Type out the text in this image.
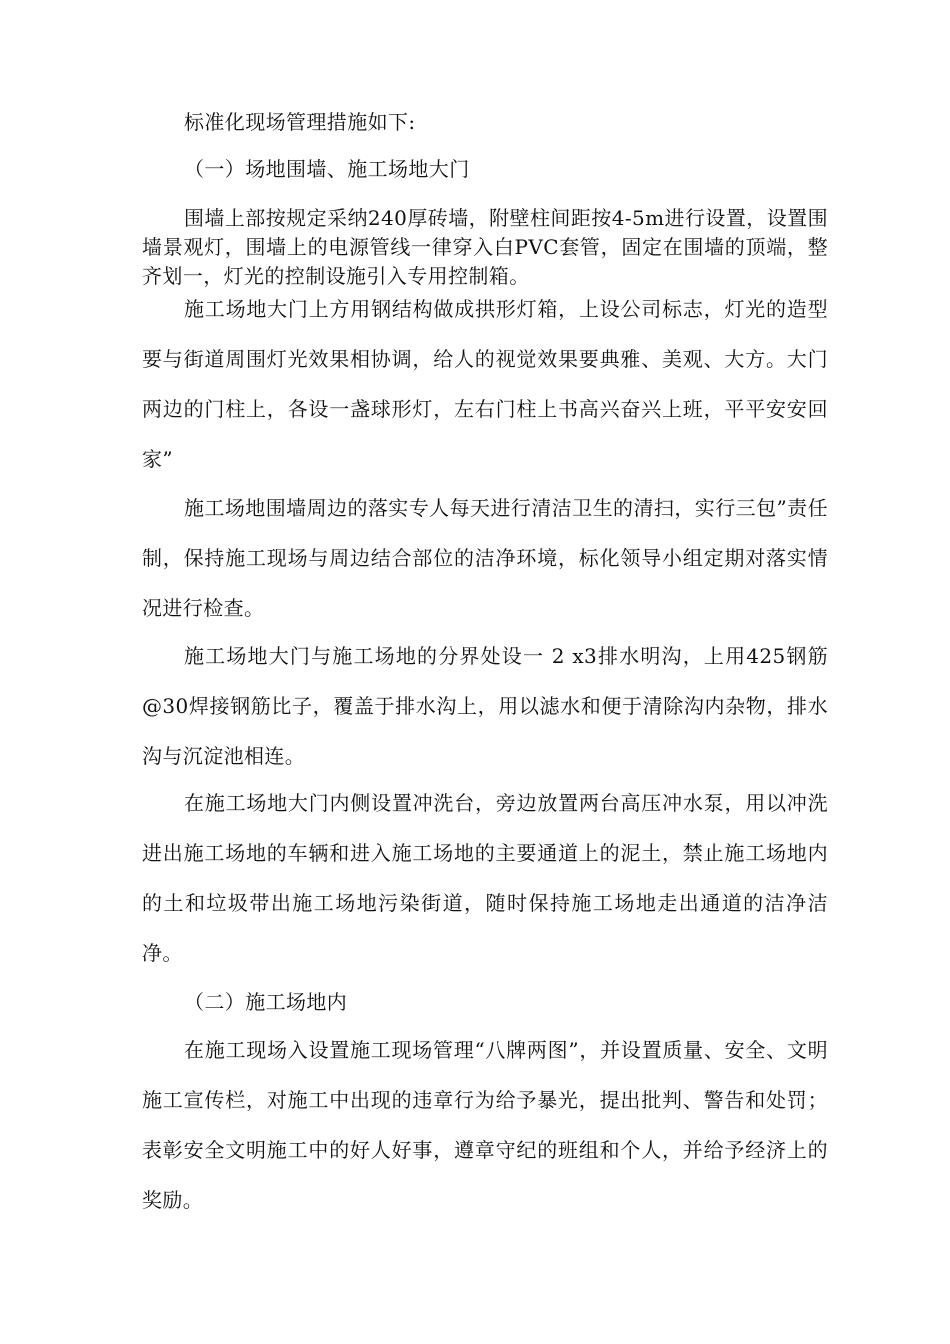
标准化现场管理措施如下:

（一）场地围墙、施工场地大门

围墙上部按规定采纳240厚砖墙，附壁柱间距按4-5m进行设置，设置围墙景观灯，围墙上的电源管线一律穿入白PVC套管，固定在围墙的顶端，整齐划一，灯光的控制设施引入专用控制箱。

施工场地大门上方用钢结构做成拱形灯箱，上设公司标志，灯光的造型要与街道周围灯光效果相协调，给人的视觉效果要典雅、美观、大方。大门两边的门柱上，各设一盏球形灯，左右门柱上书高兴奋兴上班，平平安安回家”

施工场地围墙周边的落实专人每天进行清洁卫生的清扫，实行三包”责任制，保持施工现场与周边结合部位的洁净环境，标化领导小组定期对落实情况进行检查。

施工场地大门与施工场地的分界处设一 2 x3排水明沟，上用425钢筋@30焊接钢筋比子，覆盖于排水沟上，用以滤水和便于清除沟内杂物，排水沟与沉淀池相连。

在施工场地大门内侧设置冲洗台，旁边放置两台高压冲水泵，用以冲洗进出施工场地的车辆和进入施工场地的主要通道上的泥土，禁止施工场地内的土和垃圾带出施工场地污染街道，随时保持施工场地走出通道的洁净洁净。

（二）施工场地内

在施工现场入设置施工现场管理“八牌两图”，并设置质量、安全、文明施工宣传栏，对施工中出现的违章行为给予暴光，提出批判、警告和处罚；表彰安全文明施工中的好人好事，遵章守纪的班组和个人，并给予经济上的奖励。
